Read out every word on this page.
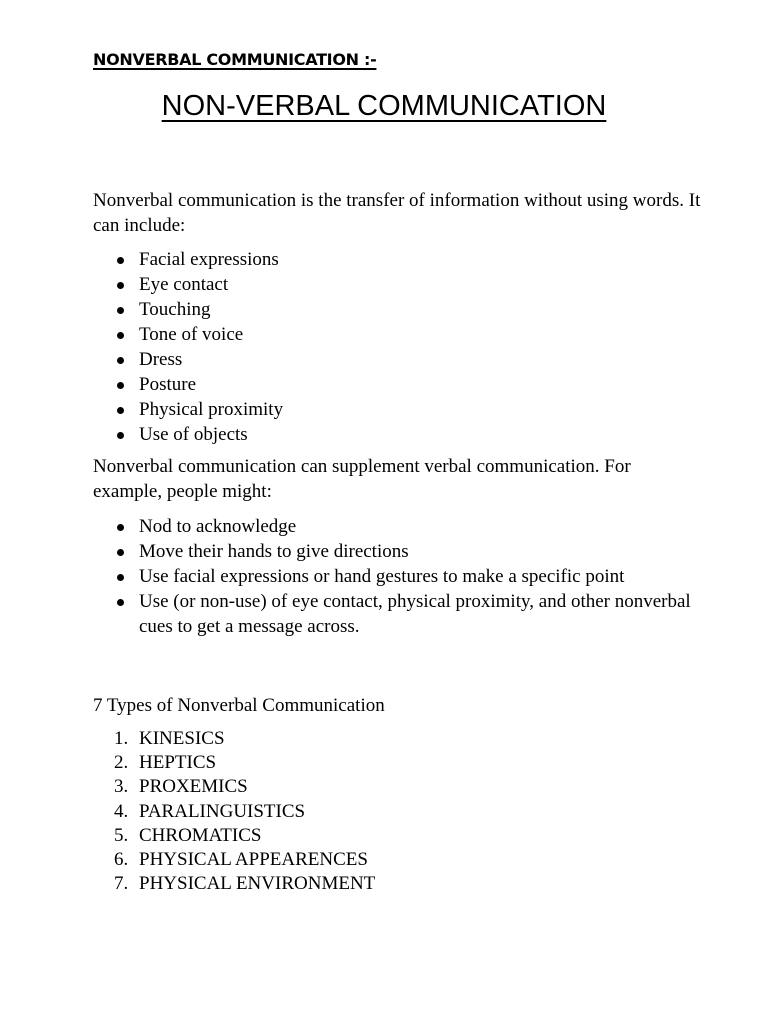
NONVERBAL COMMUNICATION :-

NON-VERBAL COMMUNICATION

Nonverbal communication is the transfer of information without using words. It can include:

Facial expressions
Eye contact
Touching
Tone of voice
Dress
Posture
Physical proximity
Use of objects

Nonverbal communication can supplement verbal communication. For example, people might:

Nod to acknowledge
Move their hands to give directions
Use facial expressions or hand gestures to make a specific point
Use (or non-use) of eye contact, physical proximity, and other nonverbal cues to get a message across.

7 Types of Nonverbal Communication

1. KINESICS
2. HEPTICS
3. PROXEMICS
4. PARALINGUISTICS
5. CHROMATICS
6. PHYSICAL APPEARENCES
7. PHYSICAL ENVIRONMENT
